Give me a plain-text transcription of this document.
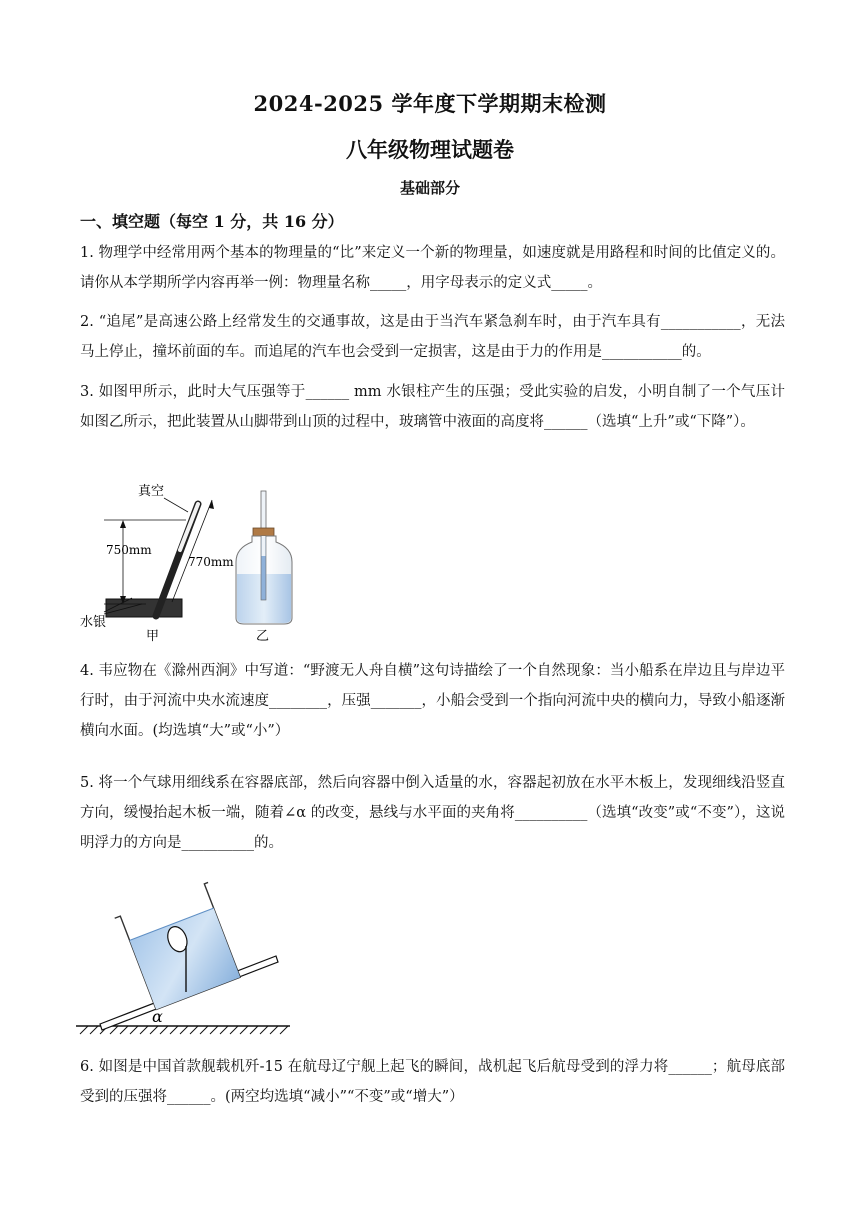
2024-2025 学年度下学期期末检测
八年级物理试题卷
基础部分
一、填空题（每空 1 分，共 16 分）
1. 物理学中经常用两个基本的物理量的“比”来定义一个新的物理量，如速度就是用路程和时间的比值定义的。请你从本学期所学内容再举一例：物理量名称_____，用字母表示的定义式_____。
2. “追尾”是高速公路上经常发生的交通事故，这是由于当汽车紧急刹车时，由于汽车具有___________，无法马上停止，撞坏前面的车。而追尾的汽车也会受到一定损害，这是由于力的作用是___________的。
3. 如图甲所示，此时大气压强等于______ mm 水银柱产生的压强；受此实验的启发，小明自制了一个气压计如图乙所示，把此装置从山脚带到山顶的过程中，玻璃管中液面的高度将______（选填“上升”或“下降”）。
真空
750mm
770mm
水银
甲	乙
4. 韦应物在《滁州西涧》中写道：“野渡无人舟自横”这句诗描绘了一个自然现象：当小船系在岸边且与岸边平行时，由于河流中央水流速度________，压强_______，小船会受到一个指向河流中央的横向力，导致小船逐渐横向水面。(均选填“大”或“小”）
5. 将一个气球用细线系在容器底部，然后向容器中倒入适量的水，容器起初放在水平木板上，发现细线沿竖直方向，缓慢抬起木板一端，随着∠α 的改变，悬线与水平面的夹角将__________（选填“改变”或“不变”），这说明浮力的方向是__________的。
α
6. 如图是中国首款舰载机歼-15 在航母辽宁舰上起飞的瞬间，战机起飞后航母受到的浮力将______；航母底部受到的压强将______。(两空均选填“减小”“不变”或“增大”）
